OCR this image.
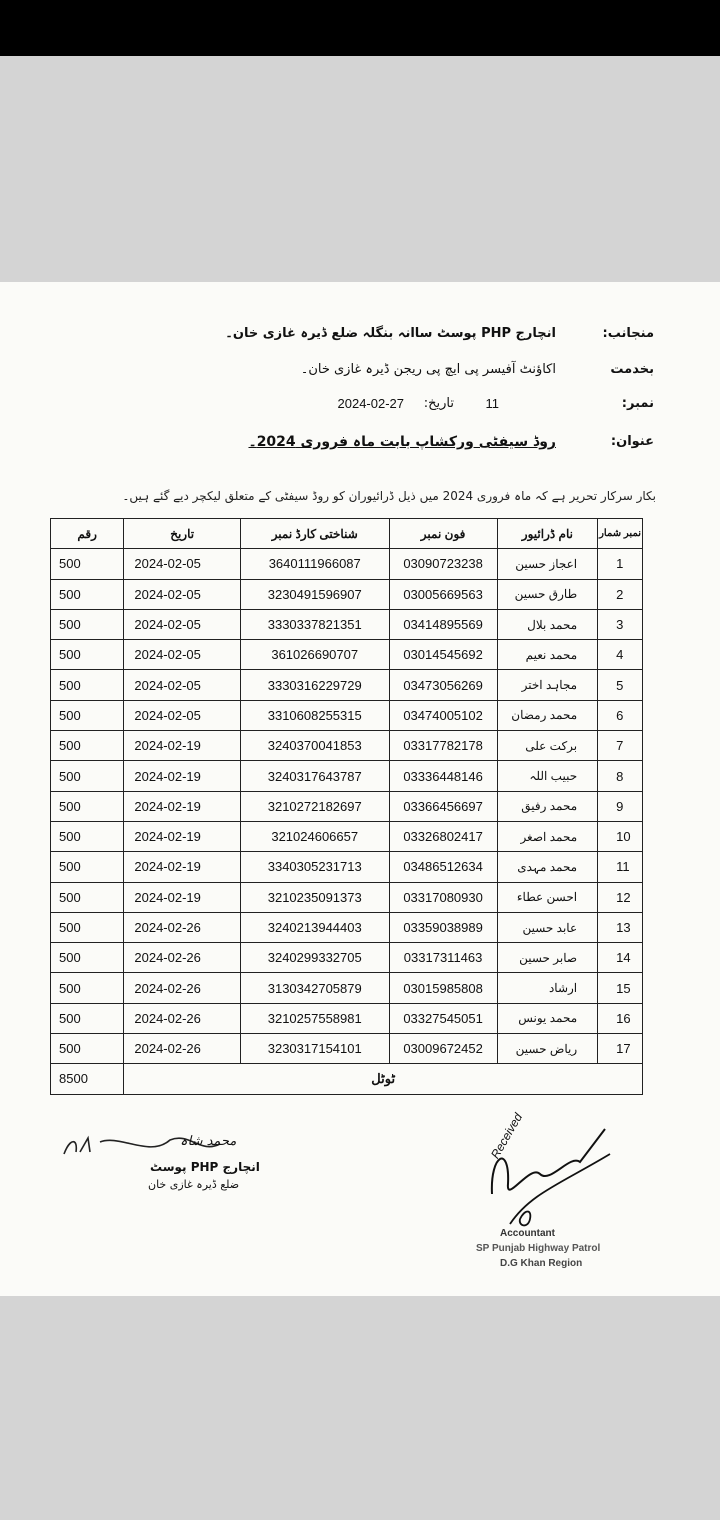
منجانب:
انچارج PHP پوسٹ ساانہ بنگلہ ضلع ڈیرہ غازی خان۔
بخدمت
اکاؤنٹ آفیسر پی ایچ پی ریجن ڈیرہ غازی خان۔
نمبر:
11
تاریخ:
2024-02-27
عنوان:
روڈ سیفٹی ورکشاپ بابت ماہ فروری 2024۔
بکار سرکار تحریر ہے کہ ماہ فروری 2024 میں ذیل ڈرائیوران کو روڈ سیفٹی کے متعلق لیکچر دیے گئے ہیں۔
رقم	تاریخ	شناختی کارڈ نمبر	فون نمبر	نام ڈرائیور	نمبر شمار
500	2024-02-05	3640111966087	03090723238	اعجاز حسین	1
500	2024-02-05	3230491596907	03005669563	طارق حسین	2
500	2024-02-05	3330337821351	03414895569	محمد بلال	3
500	2024-02-05	361026690707	03014545692	محمد نعیم	4
500	2024-02-05	3330316229729	03473056269	مجاہد اختر	5
500	2024-02-05	3310608255315	03474005102	محمد رمضان	6
500	2024-02-19	3240370041853	03317782178	برکت علی	7
500	2024-02-19	3240317643787	03336448146	حبیب اللہ	8
500	2024-02-19	3210272182697	03366456697	محمد رفیق	9
500	2024-02-19	321024606657	03326802417	محمد اصغر	10
500	2024-02-19	3340305231713	03486512634	محمد مہدی	11
500	2024-02-19	3210235091373	03317080930	احسن عطاء	12
500	2024-02-26	3240213944403	03359038989	عابد حسین	13
500	2024-02-26	3240299332705	03317311463	صابر حسین	14
500	2024-02-26	3130342705879	03015985808	ارشاد	15
500	2024-02-26	3210257558981	03327545051	محمد یونس	16
500	2024-02-26	3230317154101	03009672452	ریاض حسین	17
8500	ٹوٹل				
محمد شاہ
انچارج PHP پوسٹ
ضلع ڈیرہ غازی خان
Received
Accountant
SP Punjab Highway Patrol
D.G Khan Region
